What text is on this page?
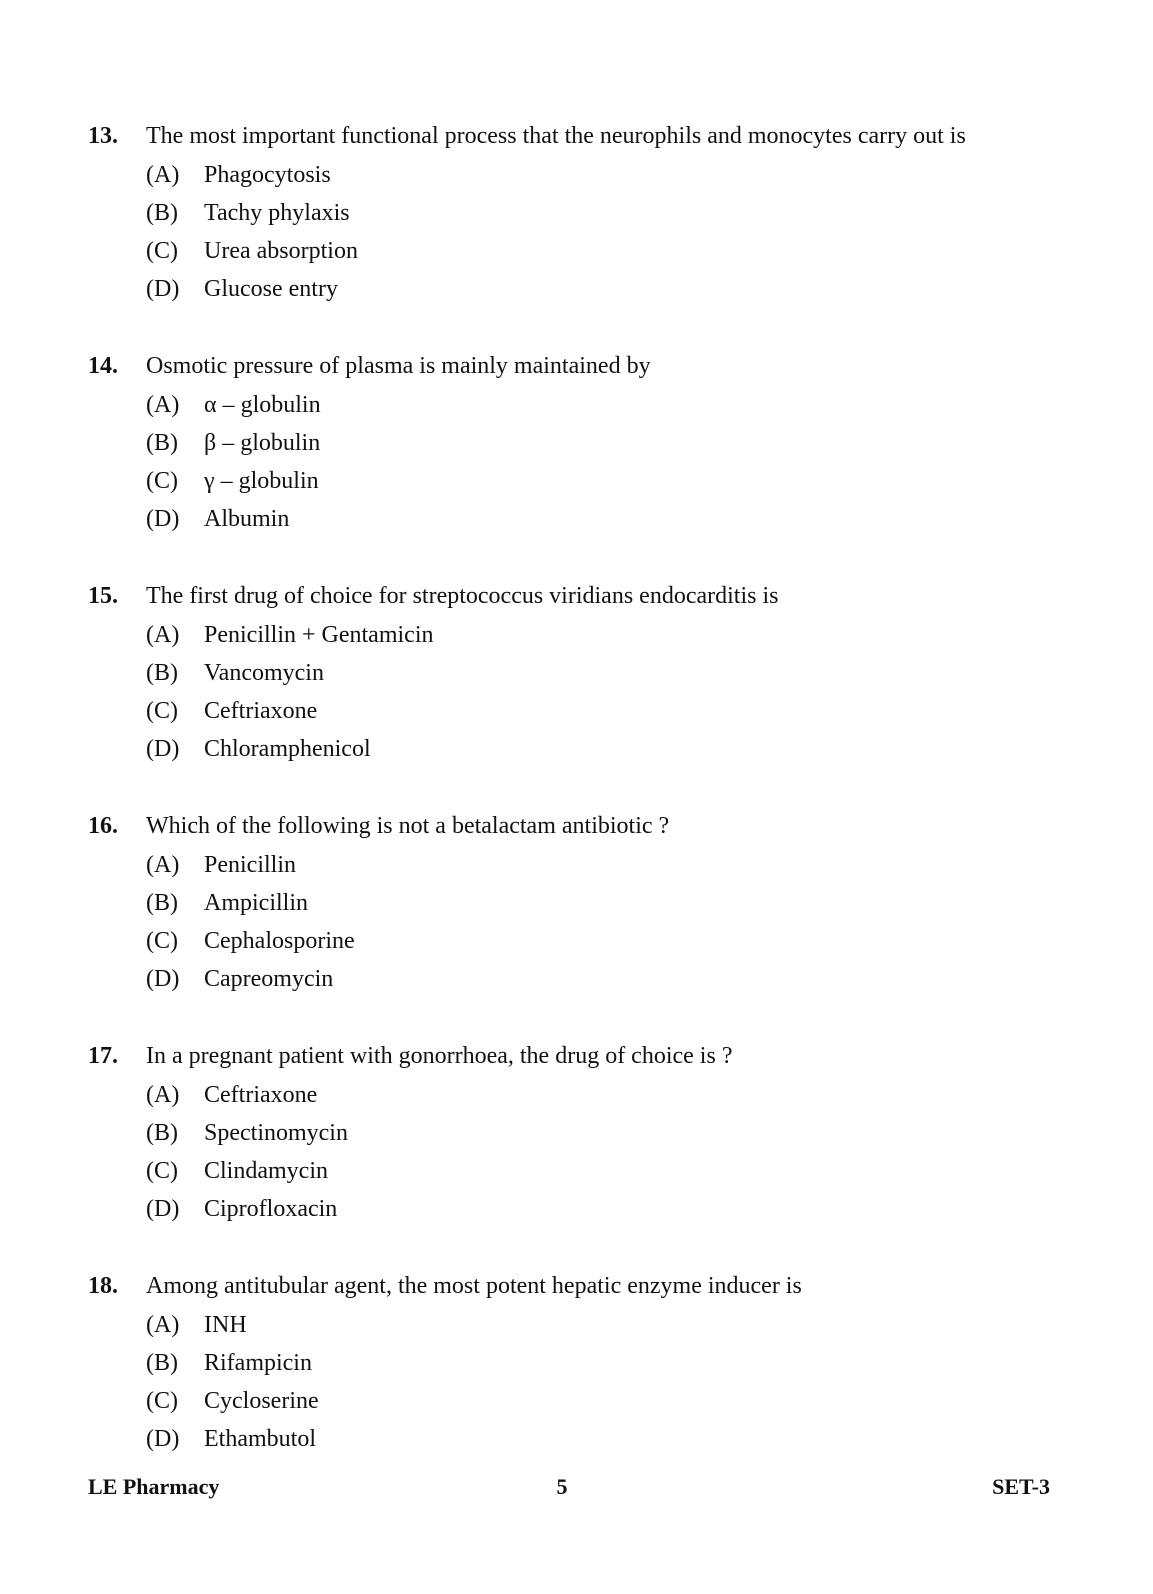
13. The most important functional process that the neurophils and monocytes carry out is
(A) Phagocytosis
(B) Tachy phylaxis
(C) Urea absorption
(D) Glucose entry
14. Osmotic pressure of plasma is mainly maintained by
(A) α – globulin
(B) β – globulin
(C) γ – globulin
(D) Albumin
15. The first drug of choice for streptococcus viridians endocarditis is
(A) Penicillin + Gentamicin
(B) Vancomycin
(C) Ceftriaxone
(D) Chloramphenicol
16. Which of the following is not a betalactam antibiotic ?
(A) Penicillin
(B) Ampicillin
(C) Cephalosporine
(D) Capreomycin
17. In a pregnant patient with gonorrhoea, the drug of choice is ?
(A) Ceftriaxone
(B) Spectinomycin
(C) Clindamycin
(D) Ciprofloxacin
18. Among antitubular agent, the most potent hepatic enzyme inducer is
(A) INH
(B) Rifampicin
(C) Cycloserine
(D) Ethambutol
LE Pharmacy	5	SET-3
